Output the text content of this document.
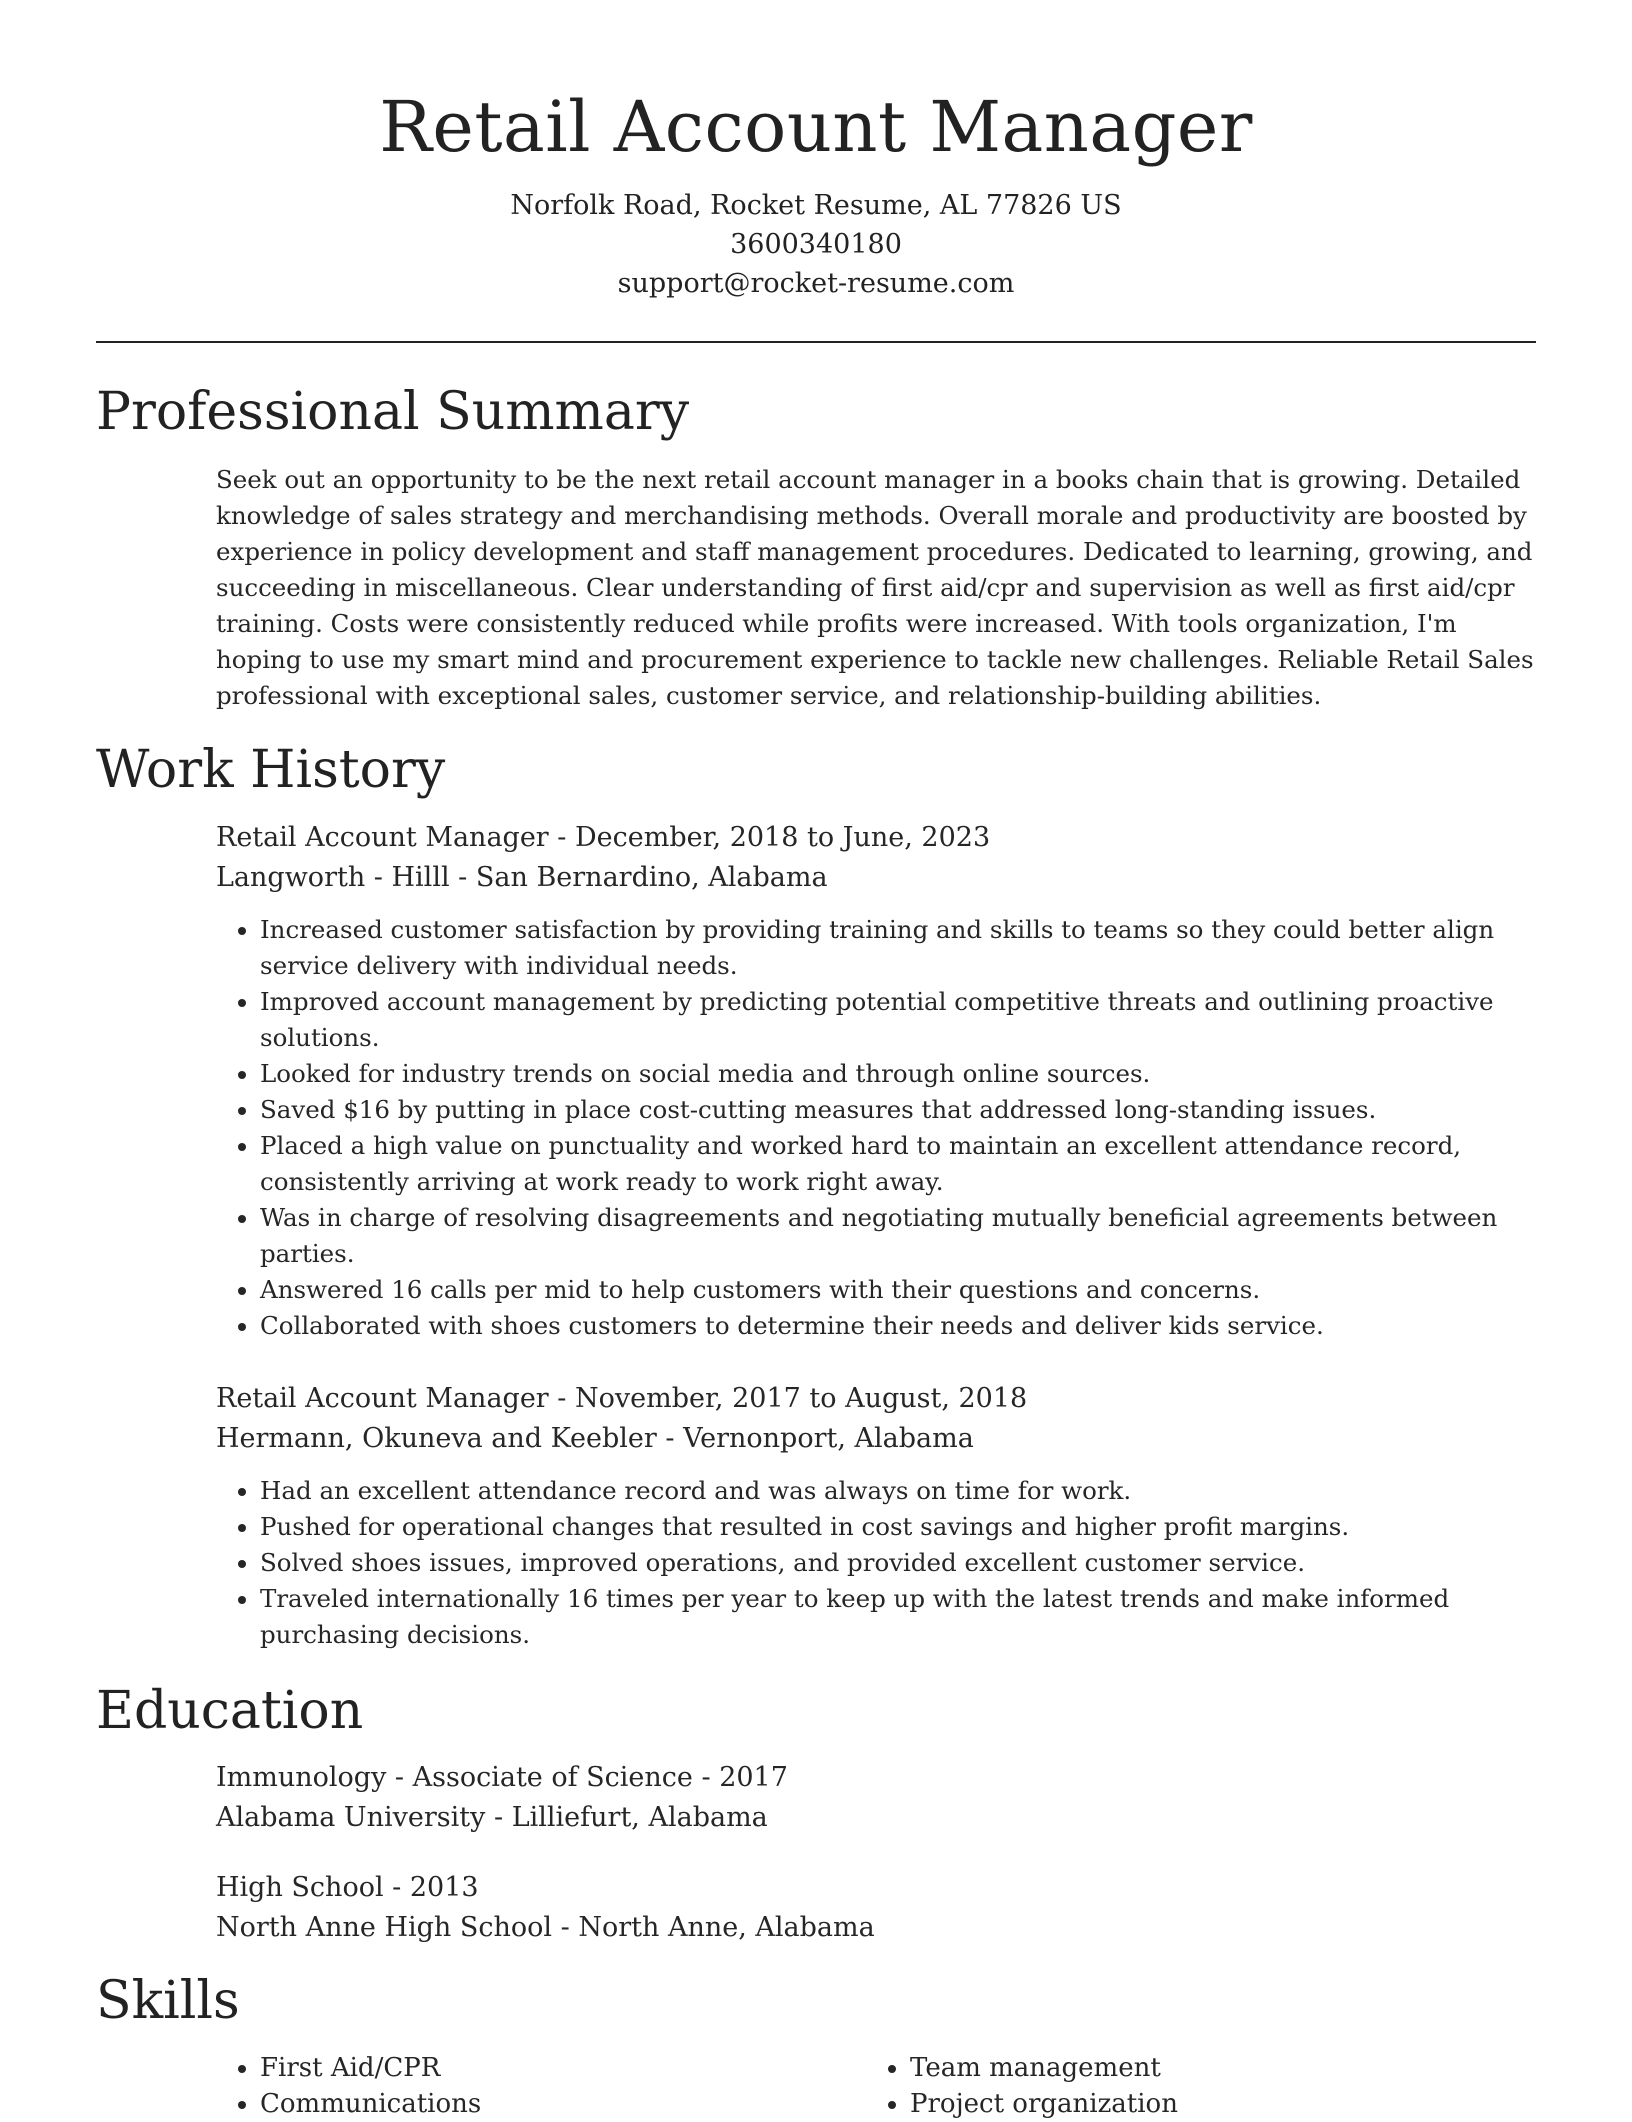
Retail Account Manager
Norfolk Road, Rocket Resume, AL 77826 US
3600340180
support@rocket-resume.com
Professional Summary

Seek out an opportunity to be the next retail account manager in a books chain that is growing. Detailed knowledge of sales strategy and merchandising methods. Overall morale and productivity are boosted by experience in policy development and staff management procedures. Dedicated to learning, growing, and succeeding in miscellaneous. Clear understanding of first aid/cpr and supervision as well as first aid/cpr training. Costs were consistently reduced while profits were increased. With tools organization, I'm hoping to use my smart mind and procurement experience to tackle new challenges. Reliable Retail Sales professional with exceptional sales, customer service, and relationship-building abilities.

Work History

Retail Account Manager - December, 2018 to June, 2023

Langworth - Hilll - San Bernardino, Alabama

• Increased customer satisfaction by providing training and skills to teams so they could better align service delivery with individual needs.
• Improved account management by predicting potential competitive threats and outlining proactive solutions.
• Looked for industry trends on social media and through online sources.
• Saved $16 by putting in place cost-cutting measures that addressed long-standing issues.
• Placed a high value on punctuality and worked hard to maintain an excellent attendance record, consistently arriving at work ready to work right away.
• Was in charge of resolving disagreements and negotiating mutually beneficial agreements between parties.
• Answered 16 calls per mid to help customers with their questions and concerns.
• Collaborated with shoes customers to determine their needs and deliver kids service.

Retail Account Manager - November, 2017 to August, 2018

Hermann, Okuneva and Keebler - Vernonport, Alabama

• Had an excellent attendance record and was always on time for work.
• Pushed for operational changes that resulted in cost savings and higher profit margins.
• Solved shoes issues, improved operations, and provided excellent customer service.
• Traveled internationally 16 times per year to keep up with the latest trends and make informed purchasing decisions.
Education

Immunology - Associate of Science - 2017

Alabama University - Lilliefurt, Alabama

High School - 2013

North Anne High School - North Anne, Alabama

Skills
• First Aid/CPR
• Communications
• Team management
• Project organization
